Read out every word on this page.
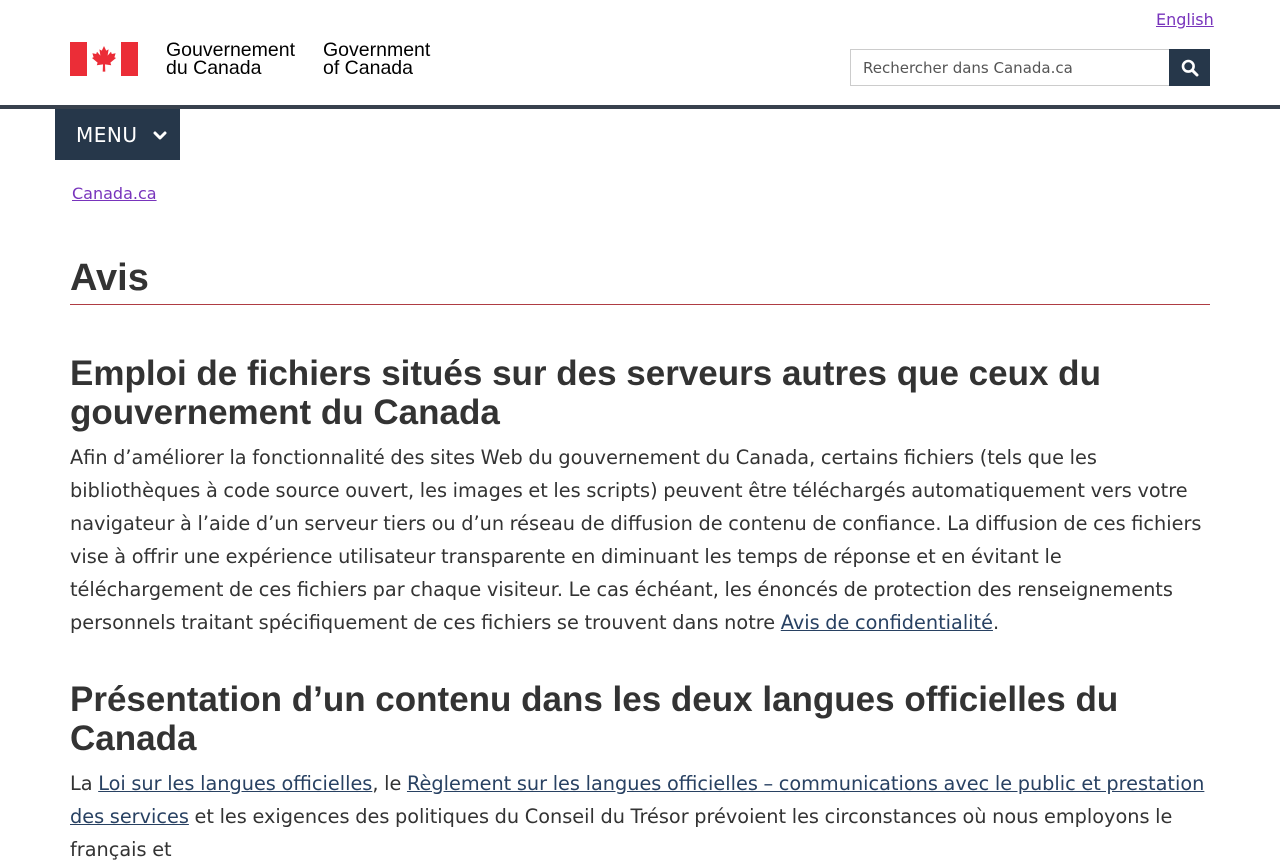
English
Gouvernement
du Canada
Government
of Canada
Rechercher dans Canada.ca
MENU
Canada.ca
Avis
Emploi de fichiers situés sur des serveurs autres que ceux du gouvernement du Canada

Afin d’améliorer la fonctionnalité des sites Web du gouvernement du Canada, certains fichiers (tels que les bibliothèques à code source ouvert, les images et les scripts) peuvent être téléchargés automatiquement vers votre navigateur à l’aide d’un serveur tiers ou d’un réseau de diffusion de contenu de confiance. La diffusion de ces fichiers vise à offrir une expérience utilisateur transparente en diminuant les temps de réponse et en évitant le téléchargement de ces fichiers par chaque visiteur. Le cas échéant, les énoncés de protection des renseignements personnels traitant spécifiquement de ces fichiers se trouvent dans notre Avis de confidentialité.

Présentation d’un contenu dans les deux langues officielles du Canada

La Loi sur les langues officielles, le Règlement sur les langues officielles – communications avec le public et prestation des services et les exigences des politiques du Conseil du Trésor prévoient les circonstances où nous employons le français et
